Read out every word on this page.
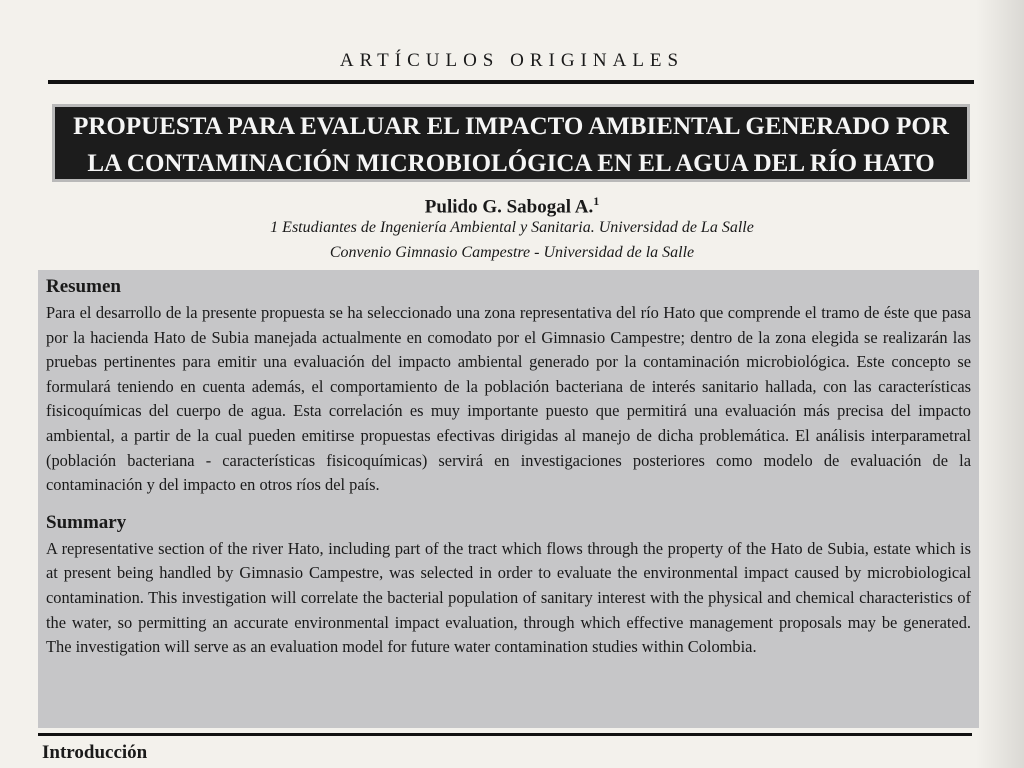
ARTÍCULOS ORIGINALES
PROPUESTA PARA EVALUAR EL IMPACTO AMBIENTAL GENERADO POR
LA CONTAMINACIÓN MICROBIOLÓGICA EN EL AGUA DEL RÍO HATO
Pulido G. Sabogal A.$^1$
1 Estudiantes de Ingeniería Ambiental y Sanitaria. Universidad de La Salle
Convenio Gimnasio Campestre - Universidad de la Salle
Resumen

Para el desarrollo de la presente propuesta se ha seleccionado una zona representativa del río Hato que comprende el tramo de éste que pasa por la hacienda Hato de Subia manejada actualmente en comodato por el Gimnasio Campestre; dentro de la zona elegida se realizarán las pruebas pertinentes para emitir una evaluación del impacto ambiental generado por la contaminación microbiológica. Este concepto se formulará teniendo en cuenta además, el comportamiento de la población bacteriana de interés sanitario hallada, con las características fisicoquímicas del cuerpo de agua. Esta correlación es muy importante puesto que permitirá una evaluación más precisa del impacto ambiental, a partir de la cual pueden emitirse propuestas efectivas dirigidas al manejo de dicha problemática. El análisis interparametral (población bacteriana - características fisicoquímicas) servirá en investigaciones posteriores como modelo de evaluación de la contaminación y del impacto en otros ríos del país.

Summary

A representative section of the river Hato, including part of the tract which flows through the property of the Hato de Subia, estate which is at present being handled by Gimnasio Campestre, was selected in order to evaluate the environmental impact caused by microbiological contamination. This investigation will correlate the bacterial population of sanitary interest with the physical and chemical characteristics of the water, so permitting an accurate environmental impact evaluation, through which effective management proposals may be generated. The investigation will serve as an evaluation model for future water contamination studies within Colombia.

Introducción
